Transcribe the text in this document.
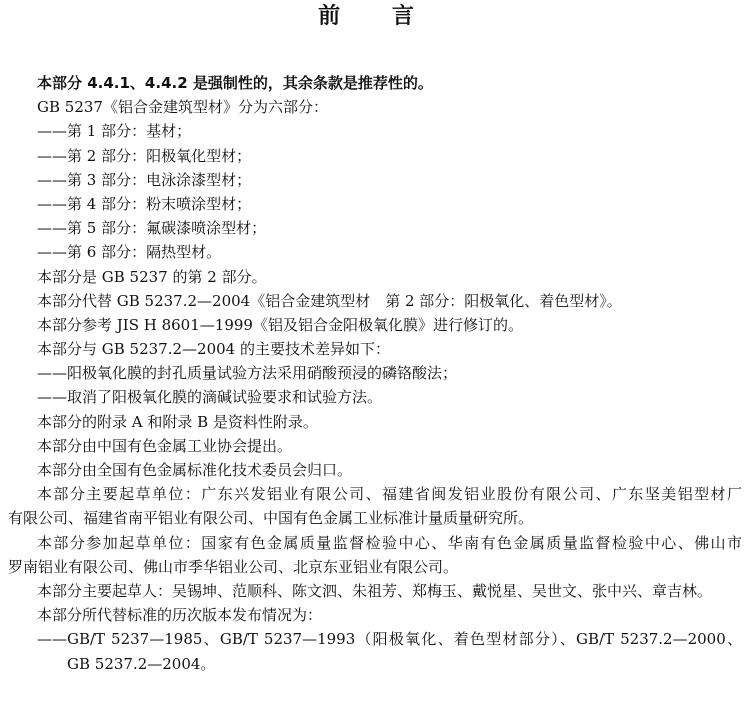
前 言
本部分 4.4.1、4.4.2 是强制性的，其余条款是推荐性的。
GB 5237《铝合金建筑型材》分为六部分：
——第 1 部分：基材；
——第 2 部分：阳极氧化型材；
——第 3 部分：电泳涂漆型材；
——第 4 部分：粉末喷涂型材；
——第 5 部分：氟碳漆喷涂型材；
——第 6 部分：隔热型材。
本部分是 GB 5237 的第 2 部分。
本部分代替 GB 5237.2—2004《铝合金建筑型材　第 2 部分：阳极氧化、着色型材》。
本部分参考 JIS H 8601—1999《铝及铝合金阳极氧化膜》进行修订的。
本部分与 GB 5237.2—2004 的主要技术差异如下：
——阳极氧化膜的封孔质量试验方法采用硝酸预浸的磷铬酸法；
——取消了阳极氧化膜的滴碱试验要求和试验方法。
本部分的附录 A 和附录 B 是资料性附录。
本部分由中国有色金属工业协会提出。
本部分由全国有色金属标准化技术委员会归口。
本部分主要起草单位：广东兴发铝业有限公司、福建省闽发铝业股份有限公司、广东坚美铝型材厂
有限公司、福建省南平铝业有限公司、中国有色金属工业标准计量质量研究所。
本部分参加起草单位：国家有色金属质量监督检验中心、华南有色金属质量监督检验中心、佛山市
罗南铝业有限公司、佛山市季华铝业公司、北京东亚铝业有限公司。
本部分主要起草人：吴锡坤、范顺科、陈文泗、朱祖芳、郑梅玉、戴悦星、吴世文、张中兴、章吉林。
本部分所代替标准的历次版本发布情况为：
——GB/T 5237—1985、GB/T 5237—1993（阳极氧化、着色型材部分）、GB/T 5237.2—2000、
GB 5237.2—2004。
